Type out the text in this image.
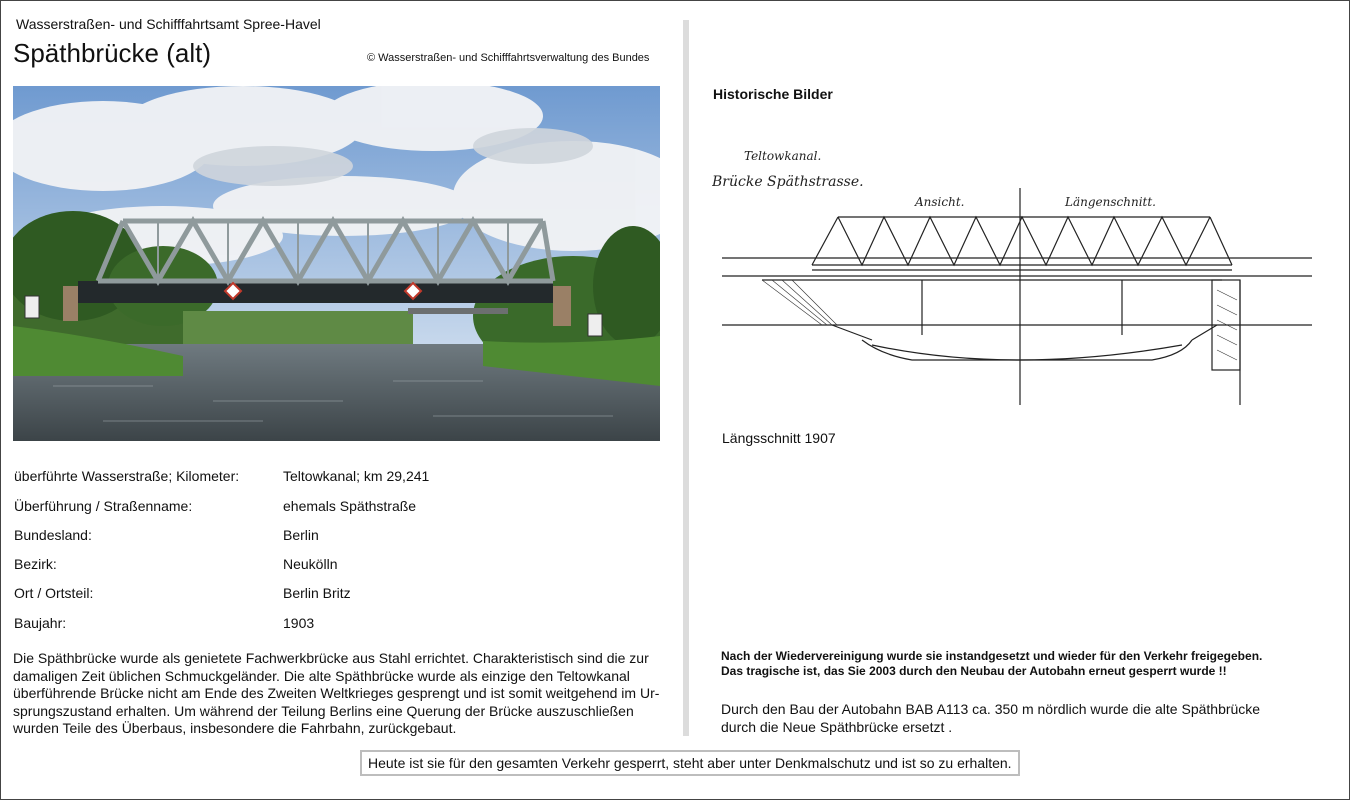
Wasserstraßen- und Schifffahrtsamt Spree-Havel
Späthbrücke (alt)	© Wasserstraßen- und Schifffahrtsverwaltung des Bundes
überführte Wasserstraße; Kilometer:	Teltowkanal; km 29,241
Überführung / Straßenname:	ehemals Späthstraße
Bundesland:	Berlin
Bezirk:	Neukölln
Ort / Ortsteil:	Berlin Britz
Baujahr:	1903
Die Späthbrücke wurde als genietete Fachwerkbrücke aus Stahl errichtet. Charakteristisch sind die zur
damaligen Zeit üblichen Schmuckgeländer. Die alte Späthbrücke wurde als einzige den Teltowkanal
überführende Brücke nicht am Ende des Zweiten Weltkrieges gesprengt und ist somit weitgehend im Ur-
sprungszustand erhalten. Um während der Teilung Berlins eine Querung der Brücke auszuschließen
wurden Teile des Überbaus, insbesondere die Fahrbahn, zurückgebaut.
Historische Bilder
Teltowkanal.
Brücke Späthstrasse.
Ansicht.	Längenschnitt.
Längsschnitt 1907
Nach der Wiedervereinigung wurde sie instandgesetzt und wieder für den Verkehr freigegeben.
Das tragische ist, das Sie 2003 durch den Neubau der Autobahn erneut gesperrt wurde !!
Durch den Bau der Autobahn BAB A113 ca. 350 m nördlich wurde die alte Späthbrücke
durch die Neue Späthbrücke ersetzt .
Heute ist sie für den gesamten Verkehr gesperrt, steht aber unter Denkmalschutz und ist so zu erhalten.
